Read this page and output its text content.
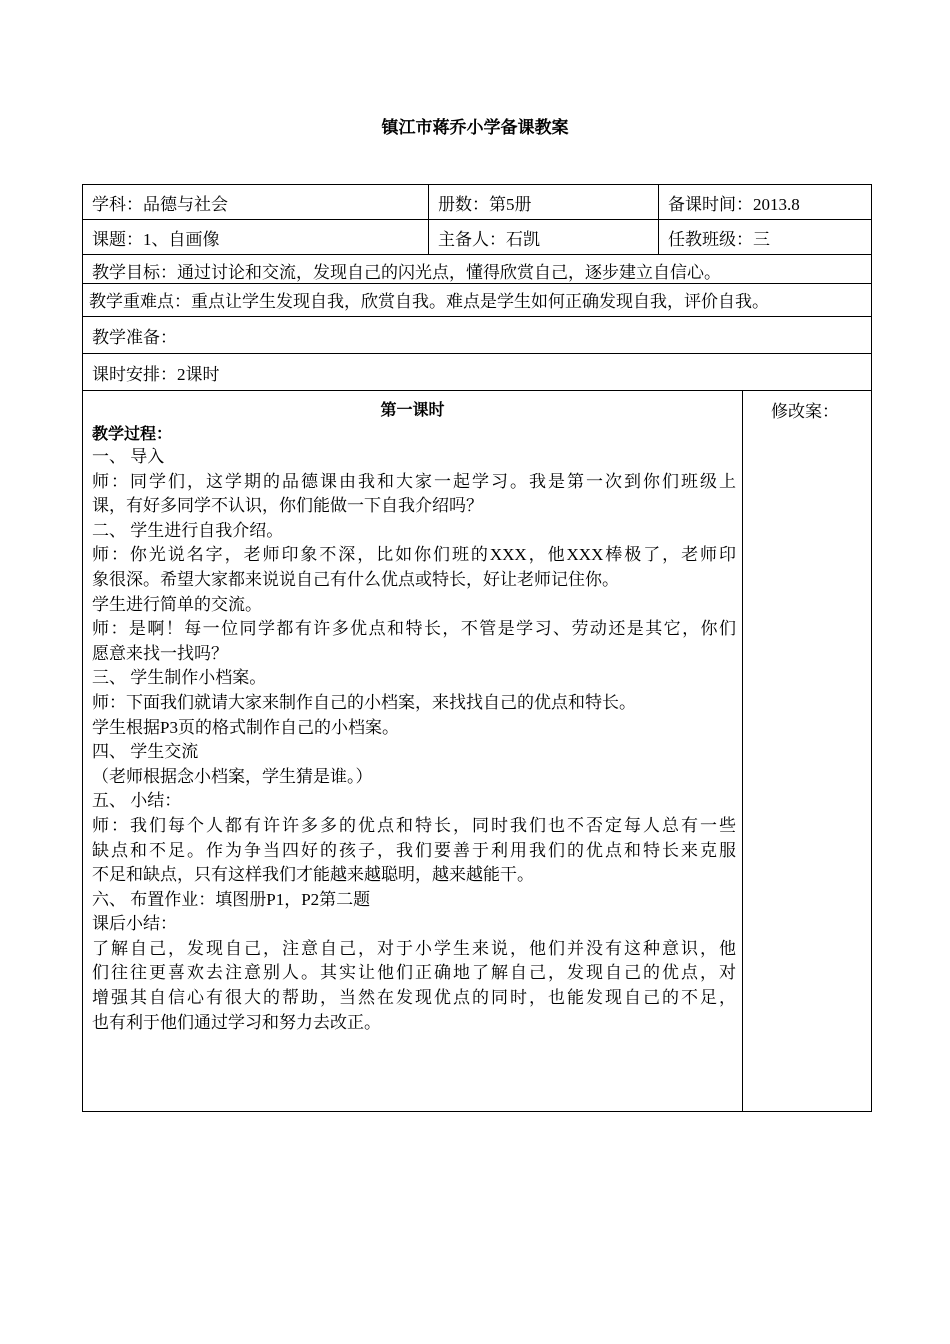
镇江市蒋乔小学备课教案
学科：品德与社会	册数：第5册	备课时间：2013.8
课题：1、自画像	主备人：石凯	任教班级：三
教学目标：通过讨论和交流，发现自己的闪光点，懂得欣赏自己，逐步建立自信心。
教学重难点：重点让学生发现自我，欣赏自我。难点是学生如何正确发现自我，评价自我。
教学准备：
课时安排：2课时
第一课时
教学过程：
一、 导入
师：同学们，这学期的品德课由我和大家一起学习。我是第一次到你们班级上
课，有好多同学不认识，你们能做一下自我介绍吗？
二、 学生进行自我介绍。
师：你光说名字，老师印象不深，比如你们班的XXX，他XXX棒极了，老师印
象很深。希望大家都来说说自己有什么优点或特长，好让老师记住你。
学生进行简单的交流。
师：是啊！每一位同学都有许多优点和特长，不管是学习、劳动还是其它，你们
愿意来找一找吗？
三、 学生制作小档案。
师：下面我们就请大家来制作自己的小档案，来找找自己的优点和特长。
学生根据P3页的格式制作自己的小档案。
四、 学生交流
（老师根据念小档案，学生猜是谁。）
五、 小结：
师：我们每个人都有许许多多的优点和特长，同时我们也不否定每人总有一些
缺点和不足。作为争当四好的孩子，我们要善于利用我们的优点和特长来克服
不足和缺点，只有这样我们才能越来越聪明，越来越能干。
六、 布置作业：填图册P1，P2第二题
课后小结：
了解自己，发现自己，注意自己，对于小学生来说，他们并没有这种意识，他
们往往更喜欢去注意别人。其实让他们正确地了解自己，发现自己的优点，对
增强其自信心有很大的帮助，当然在发现优点的同时，也能发现自己的不足，
也有利于他们通过学习和努力去改正。
修改案：
